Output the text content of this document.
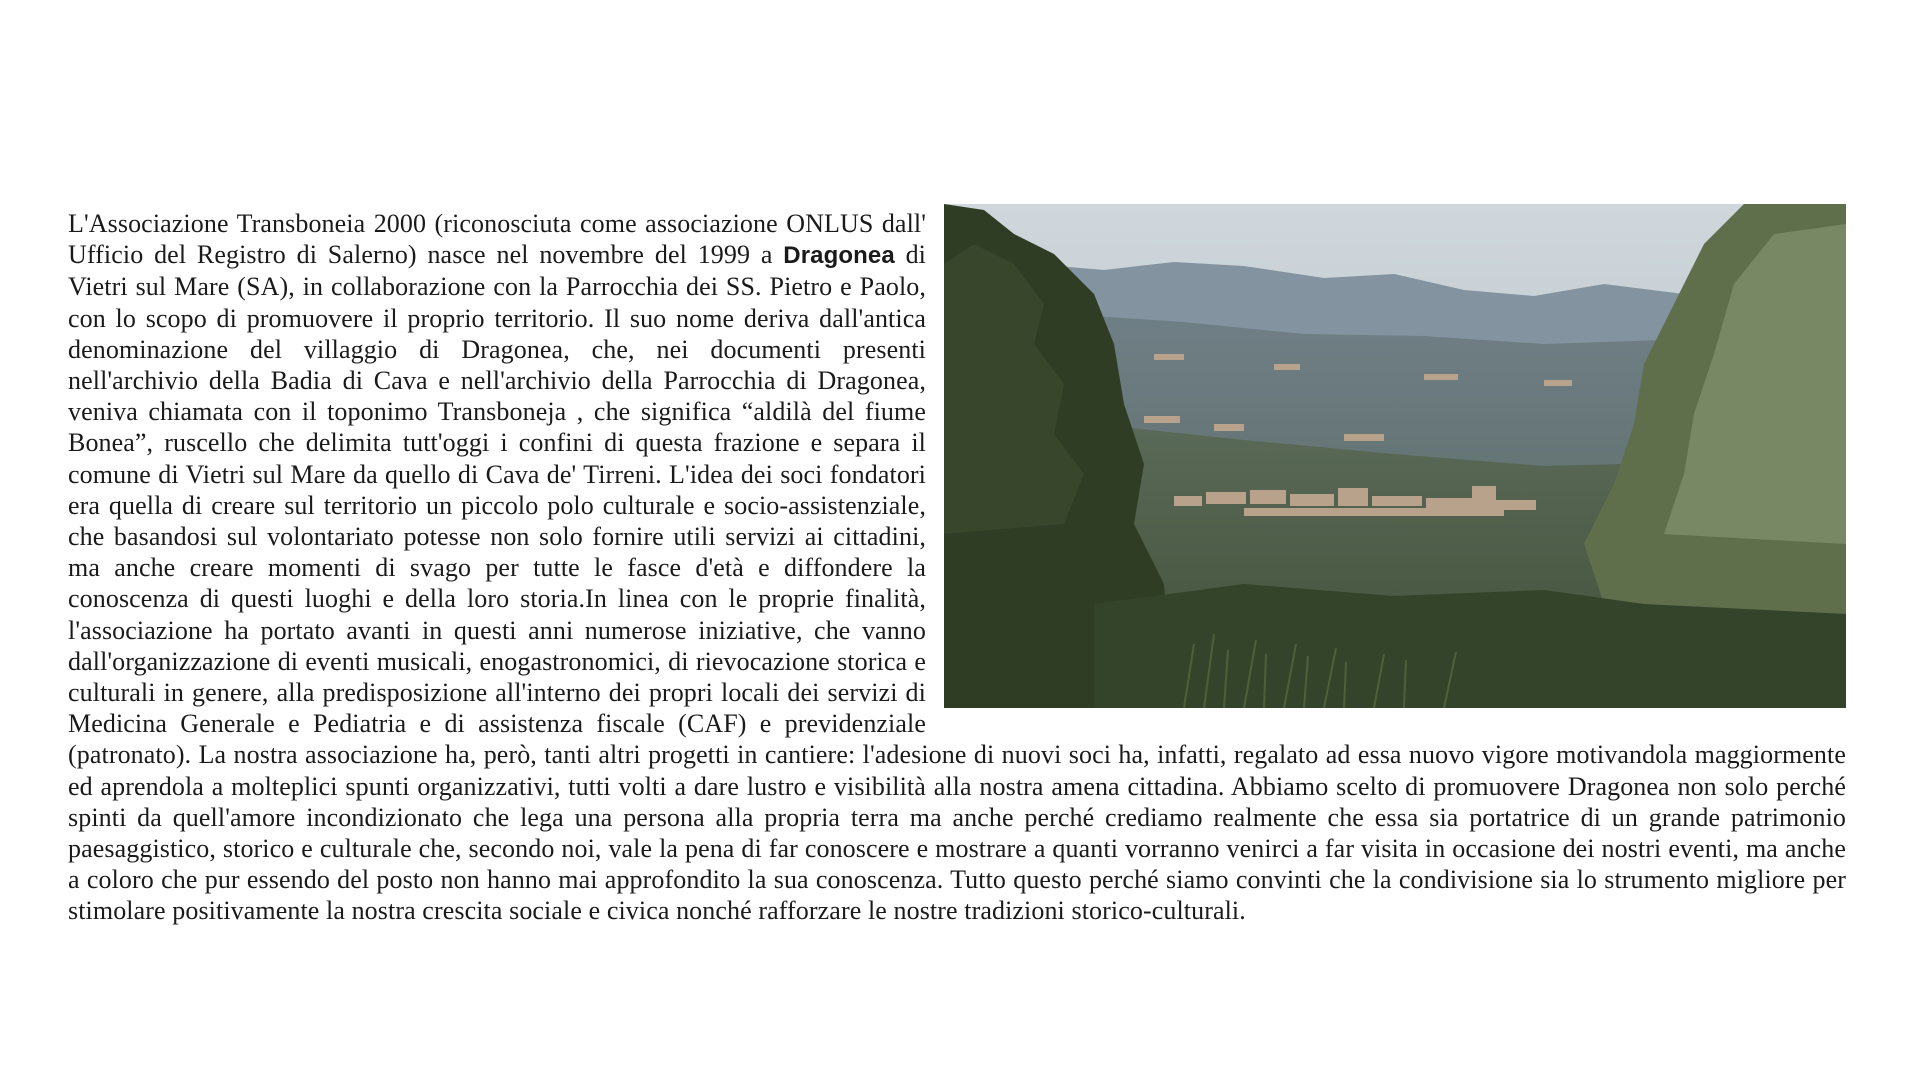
L'Associazione Transboneia 2000 (riconosciuta come associazione ONLUS dall' Ufficio del Registro di Salerno) nasce nel novembre del 1999 a Dragonea di Vietri sul Mare (SA), in collaborazione con la Parrocchia dei SS. Pietro e Paolo, con lo scopo di promuovere il proprio territorio. Il suo nome deriva dall'antica denominazione del villaggio di Dragonea, che, nei documenti presenti nell'archivio della Badia di Cava e nell'archivio della Parrocchia di Dragonea, veniva chiamata con il toponimo Transboneja , che significa “aldilà del fiume Bonea”, ruscello che delimita tutt'oggi i confini di questa frazione e separa il comune di Vietri sul Mare da quello di Cava de' Tirreni. L'idea dei soci fondatori era quella di creare sul territorio un piccolo polo culturale e socio-assistenziale, che basandosi sul volontariato potesse non solo fornire utili servizi ai cittadini, ma anche creare momenti di svago per tutte le fasce d'età e diffondere la conoscenza di questi luoghi e della loro storia.In linea con le proprie finalità, l'associazione ha portato avanti in questi anni numerose iniziative, che vanno dall'organizzazione di eventi musicali, enogastronomici, di rievocazione storica e culturali in genere, alla predisposizione all'interno dei propri locali dei servizi di Medicina Generale e Pediatria e di assistenza fiscale (CAF) e previdenziale (patronato). La nostra associazione ha, però, tanti altri progetti in cantiere: l'adesione di nuovi soci ha, infatti, regalato ad essa nuovo vigore motivandola maggiormente ed aprendola a molteplici spunti organizzativi, tutti volti a dare lustro e visibilità alla nostra amena cittadina. Abbiamo scelto di promuovere Dragonea non solo perché spinti da quell'amore incondizionato che lega una persona alla propria terra ma anche perché crediamo realmente che essa sia portatrice di un grande patrimonio paesaggistico, storico e culturale che, secondo noi, vale la pena di far conoscere e mostrare a quanti vorranno venirci a far visita in occasione dei nostri eventi, ma anche a coloro che pur essendo del posto non hanno mai approfondito la sua conoscenza. Tutto questo perché siamo convinti che la condivisione sia lo strumento migliore per stimolare positivamente la nostra crescita sociale e civica nonché rafforzare le nostre tradizioni storico-culturali.
